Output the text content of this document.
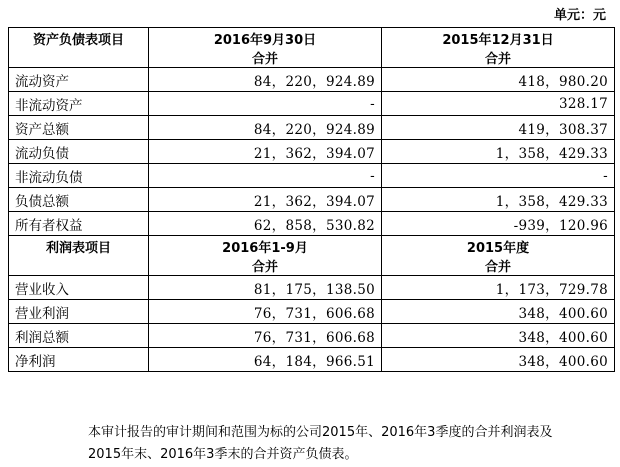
单元：元
资产负债表项目	2016年9月30日	2015年12月31日
	合并	合并
流动资产	84，220，924.89	418，980.20
非流动资产	-	328.17
资产总额	84，220，924.89	419，308.37
流动负债	21，362，394.07	1，358，429.33
非流动负债	-	-
负债总额	21，362，394.07	1，358，429.33
所有者权益	62，858，530.82	-939，120.96
利润表项目	2016年1-9月	2015年度
	合并	合并
营业收入	81，175，138.50	1，173，729.78
营业利润	76，731，606.68	348，400.60
利润总额	76，731，606.68	348，400.60
净利润	64，184，966.51	348，400.60

本审计报告的审计期间和范围为标的公司2015年、2016年3季度的合并利润表及

2015年末、2016年3季末的合并资产负债表。
